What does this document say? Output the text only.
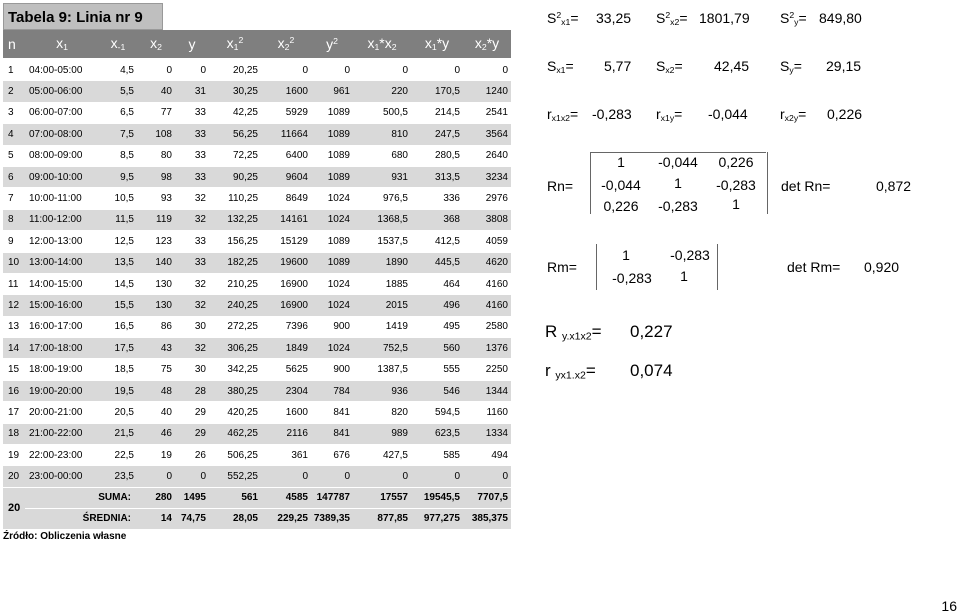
Tabela 9: Linia nr 9
n	$x_1$	$x_{-1}$	$x_2$	y	$x_1^2$	$x_2^2$	$y^2$	$x_1*x_2$	$x_1*y$	$x_2*y$
1	04:00-05:00	4,5	0	0	20,25	0	0	0	0	0
2	05:00-06:00	5,5	40	31	30,25	1600	961	220	170,5	1240
3	06:00-07:00	6,5	77	33	42,25	5929	1089	500,5	214,5	2541
4	07:00-08:00	7,5	108	33	56,25	11664	1089	810	247,5	3564
5	08:00-09:00	8,5	80	33	72,25	6400	1089	680	280,5	2640
6	09:00-10:00	9,5	98	33	90,25	9604	1089	931	313,5	3234
7	10:00-11:00	10,5	93	32	110,25	8649	1024	976,5	336	2976
8	11:00-12:00	11,5	119	32	132,25	14161	1024	1368,5	368	3808
9	12:00-13:00	12,5	123	33	156,25	15129	1089	1537,5	412,5	4059
10	13:00-14:00	13,5	140	33	182,25	19600	1089	1890	445,5	4620
11	14:00-15:00	14,5	130	32	210,25	16900	1024	1885	464	4160
12	15:00-16:00	15,5	130	32	240,25	16900	1024	2015	496	4160
13	16:00-17:00	16,5	86	30	272,25	7396	900	1419	495	2580
14	17:00-18:00	17,5	43	32	306,25	1849	1024	752,5	560	1376
15	18:00-19:00	18,5	75	30	342,25	5625	900	1387,5	555	2250
16	19:00-20:00	19,5	48	28	380,25	2304	784	936	546	1344
17	20:00-21:00	20,5	40	29	420,25	1600	841	820	594,5	1160
18	21:00-22:00	21,5	46	29	462,25	2116	841	989	623,5	1334
19	22:00-23:00	22,5	19	26	506,25	361	676	427,5	585	494
20	23:00-00:00	23,5	0	0	552,25	0	0	0	0	0
20	SUMA:		280	1495	561	4585	147787	17557	19545,5	7707,5
	ŚREDNIA:		14	74,75	28,05	229,25	7389,35	877,85	977,275	385,375
Źródło: Obliczenia własne
$S^2_{x1}= 33,25$ $S^2_{x2}= 1801,79$ $S^2_y= 849,80$
$S_{x1}= 5,77$ $S_{x2}= 42,45$ $S_y= 29,15$
$r_{x1x2}= -0,283$ $r_{x1y}= -0,044$ $r_{x2y}= 0,226$
Rn=
1	-0,044	0,226
-0,044	1	-0,283
0,226	-0,283	1
det Rn=	0,872
Rm=
1	-0,283
-0,283	1
det Rm= 0,920
R $_{y.x1x2}$= 0,227
r $_{yx1.x2}$= 0,074
16
